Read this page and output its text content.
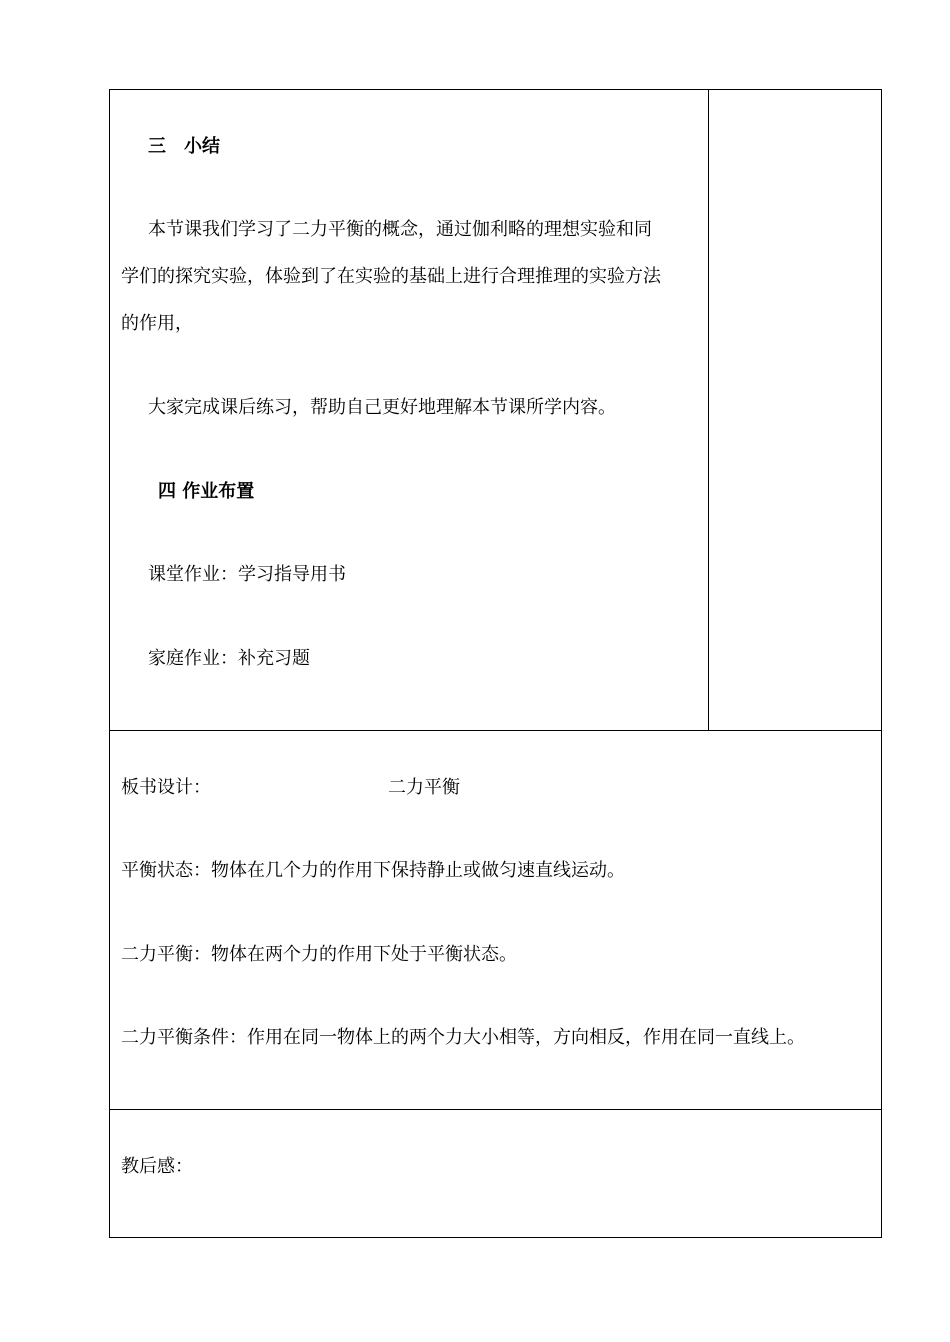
三　小结
本节课我们学习了二力平衡的概念，通过伽利略的理想实验和同
学们的探究实验，体验到了在实验的基础上进行合理推理的实验方法
的作用，
大家完成课后练习，帮助自己更好地理解本节课所学内容。
四 作业布置
课堂作业：学习指导用书
家庭作业：补充习题
板书设计：	二力平衡
平衡状态：物体在几个力的作用下保持静止或做匀速直线运动。
二力平衡：物体在两个力的作用下处于平衡状态。
二力平衡条件：作用在同一物体上的两个力大小相等，方向相反，作用在同一直线上。
教后感：
